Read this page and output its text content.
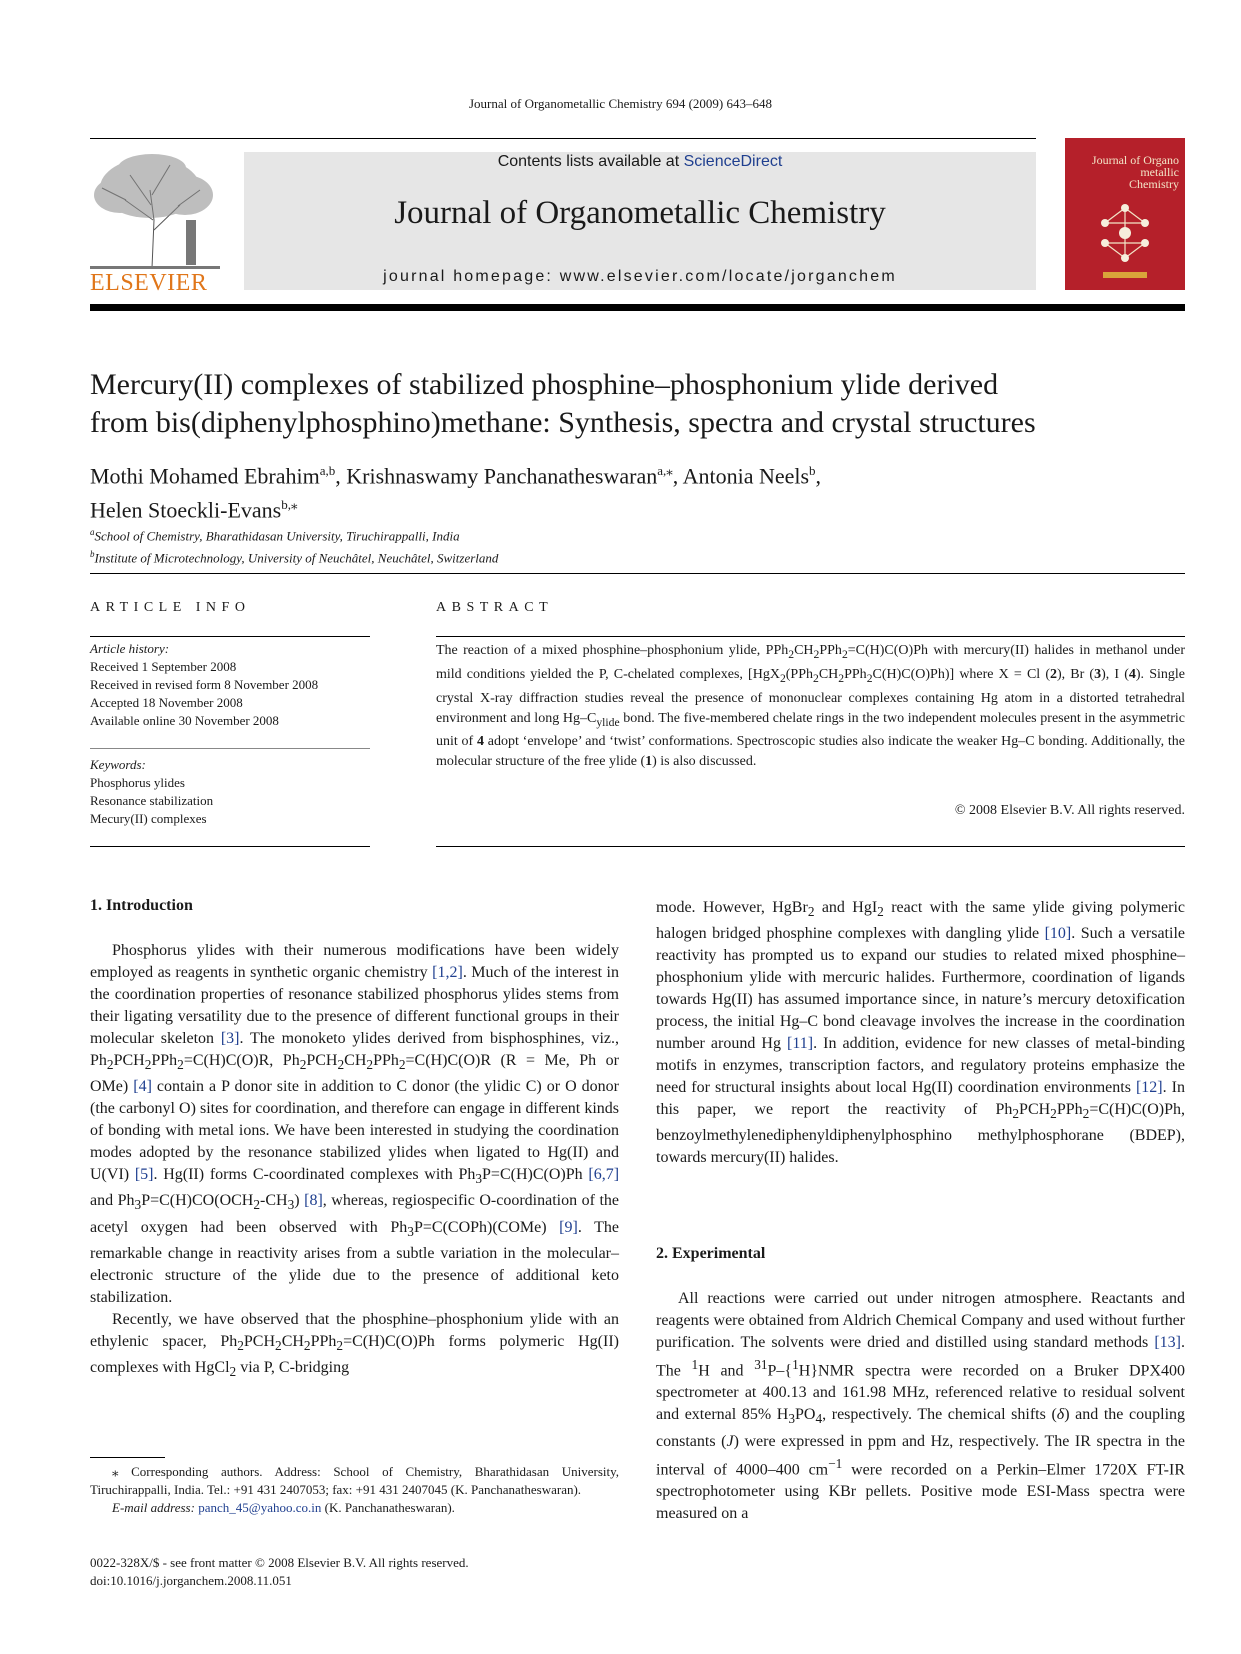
Journal of Organometallic Chemistry 694 (2009) 643–648
ELSEVIER
Contents lists available at ScienceDirect
Journal of Organometallic Chemistry
journal homepage: www.elsevier.com/locate/jorganchem
Journal of Organo metallic Chemistry
Mercury(II) complexes of stabilized phosphine–phosphonium ylide derived
from bis(diphenylphosphino)methane: Synthesis, spectra and crystal structures
Mothi Mohamed Ebrahim$^{a,b}$, Krishnaswamy Panchanatheswaran$^{a,⁎}$, Antonia Neels$^b$,
Helen Stoeckli-Evans$^{b,⁎}$
$^a$School of Chemistry, Bharathidasan University, Tiruchirappalli, India
$^b$Institute of Microtechnology, University of Neuchâtel, Neuchâtel, Switzerland
ARTICLE INFO
Article history:
Received 1 September 2008
Received in revised form 8 November 2008
Accepted 18 November 2008
Available online 30 November 2008
Keywords:
Phosphorus ylides
Resonance stabilization
Mecury(II) complexes
ABSTRACT
The reaction of a mixed phosphine–phosphonium ylide, $PPh_2CH_2PPh_2=C(H)C(O)Ph$ with mercury(II) halides in methanol under mild conditions yielded the P, C-chelated complexes, $[HgX_2(PPh_2CH_2PPh_2C(H)C(O)Ph)]$ where X = Cl (2), Br (3), I (4). Single crystal X-ray diffraction studies reveal the presence of mononuclear complexes containing Hg atom in a distorted tetrahedral environment and long $Hg-C_{ylide}$ bond. The five-membered chelate rings in the two independent molecules present in the asymmetric unit of 4 adopt ‘envelope’ and ‘twist’ conformations. Spectroscopic studies also indicate the weaker Hg–C bonding. Additionally, the molecular structure of the free ylide (1) is also discussed.
© 2008 Elsevier B.V. All rights reserved.
1. Introduction

Phosphorus ylides with their numerous modifications have been widely employed as reagents in synthetic organic chemistry [1,2]. Much of the interest in the coordination properties of resonance stabilized phosphorus ylides stems from their ligating versatility due to the presence of different functional groups in their molecular skeleton [3]. The monoketo ylides derived from bisphosphines, viz., $Ph_2PCH_2PPh_2=C(H)C(O)R$, $Ph_2PCH_2CH_2PPh_2=C(H)C(O)R$ (R = Me, Ph or OMe) [4] contain a P donor site in addition to C donor (the ylidic C) or O donor (the carbonyl O) sites for coordination, and therefore can engage in different kinds of bonding with metal ions. We have been interested in studying the coordination modes adopted by the resonance stabilized ylides when ligated to Hg(II) and U(VI) [5]. Hg(II) forms C-coordinated complexes with $Ph_3P=C(H)C(O)Ph$ [6,7] and $Ph_3P=C(H)CO(OCH_2-CH_3)$ [8], whereas, regiospecific O-coordination of the acetyl oxygen had been observed with $Ph_3P=C(COPh)(COMe)$ [9]. The remarkable change in reactivity arises from a subtle variation in the molecular–electronic structure of the ylide due to the presence of additional keto stabilization.

Recently, we have observed that the phosphine–phosphonium ylide with an ethylenic spacer, $Ph_2PCH_2CH_2PPh_2=C(H)C(O)Ph$ forms polymeric Hg(II) complexes with HgCl$_2$ via P, C-bridging

⁎ Corresponding authors. Address: School of Chemistry, Bharathidasan University, Tiruchirappalli, India. Tel.: +91 431 2407053; fax: +91 431 2407045 (K. Panchanatheswaran).
E-mail address: panch_45@yahoo.co.in (K. Panchanatheswaran).
0022-328X/$ - see front matter © 2008 Elsevier B.V. All rights reserved.
doi:10.1016/j.jorganchem.2008.11.051

mode. However, HgBr$_2$ and HgI$_2$ react with the same ylide giving polymeric halogen bridged phosphine complexes with dangling ylide [10]. Such a versatile reactivity has prompted us to expand our studies to related mixed phosphine–phosphonium ylide with mercuric halides. Furthermore, coordination of ligands towards Hg(II) has assumed importance since, in nature’s mercury detoxification process, the initial Hg–C bond cleavage involves the increase in the coordination number around Hg [11]. In addition, evidence for new classes of metal-binding motifs in enzymes, transcription factors, and regulatory proteins emphasize the need for structural insights about local Hg(II) coordination environments [12]. In this paper, we report the reactivity of $Ph_2PCH_2PPh_2=C(H)C(O)Ph$, benzoylmethylenediphenyldiphenylphosphino methylphosphorane (BDEP), towards mercury(II) halides.

2. Experimental

All reactions were carried out under nitrogen atmosphere. Reactants and reagents were obtained from Aldrich Chemical Company and used without further purification. The solvents were dried and distilled using standard methods [13]. The $^1$H and $^{31}$P–{$^1$H}NMR spectra were recorded on a Bruker DPX400 spectrometer at 400.13 and 161.98 MHz, referenced relative to residual solvent and external 85% $H_3PO_4$, respectively. The chemical shifts (δ) and the coupling constants (J) were expressed in ppm and Hz, respectively. The IR spectra in the interval of 4000–400 $cm^{-1}$ were recorded on a Perkin–Elmer 1720X FT-IR spectrophotometer using KBr pellets. Positive mode ESI-Mass spectra were measured on a
